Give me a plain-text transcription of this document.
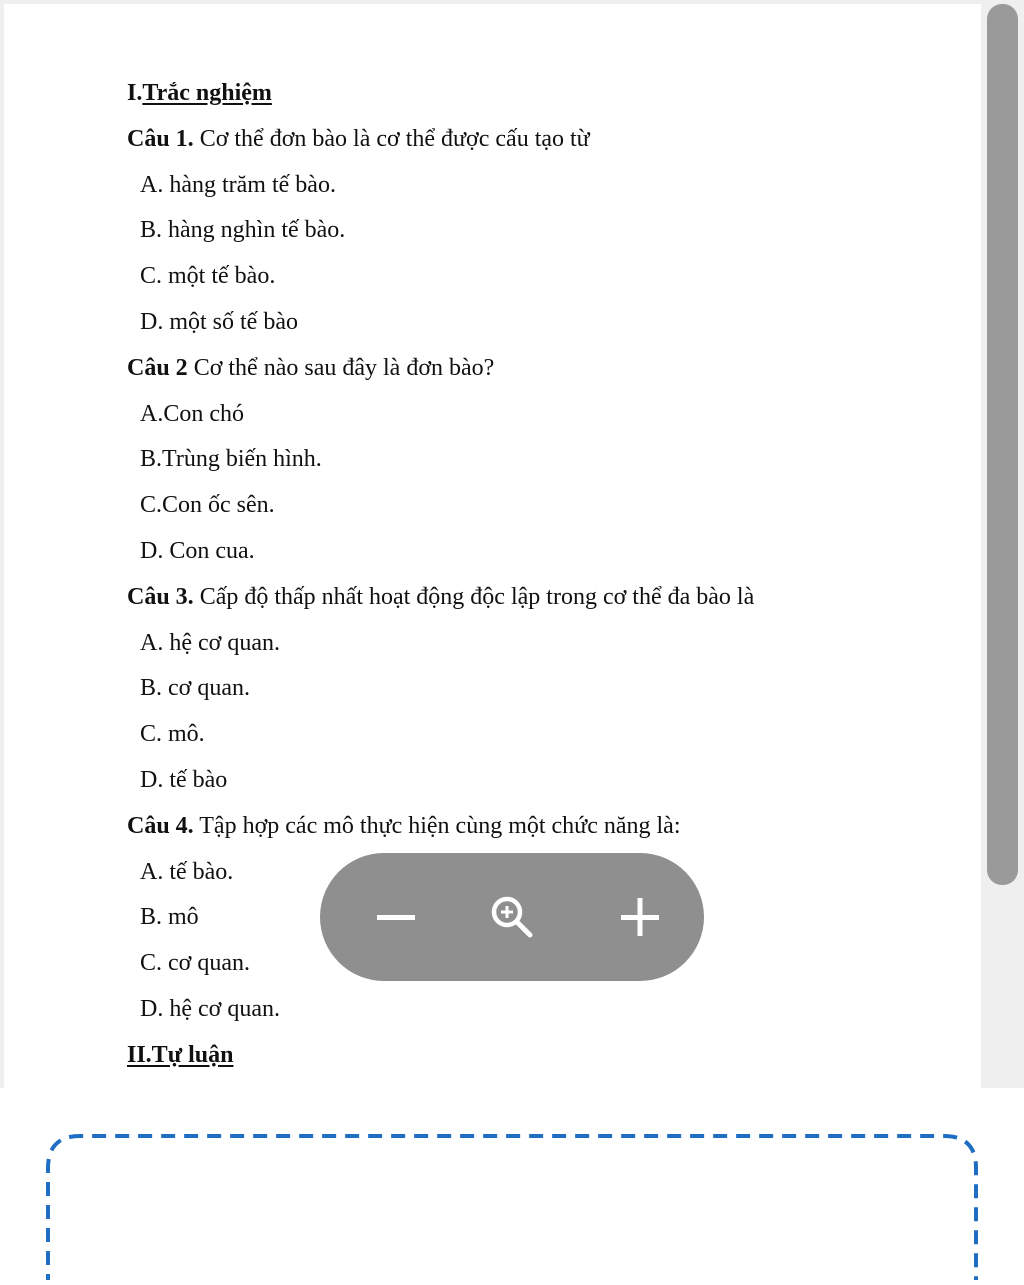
I.Trắc nghiệm
Câu 1. Cơ thể đơn bào là cơ thể được cấu tạo từ
A. hàng trăm tế bào.
B. hàng nghìn tế bào.
C. một tế bào.
D. một số tế bào
Câu 2 Cơ thể nào sau đây là đơn bào?
A.Con chó
B.Trùng biến hình.
C.Con ốc sên.
D. Con cua.
Câu 3. Cấp độ thấp nhất hoạt động độc lập trong cơ thể đa bào là
A. hệ cơ quan.
B. cơ quan.
C. mô.
D. tế bào
Câu 4. Tập hợp các mô thực hiện cùng một chức năng là:
A. tế bào.
B. mô
C. cơ quan.
D. hệ cơ quan.
II.Tự luận
